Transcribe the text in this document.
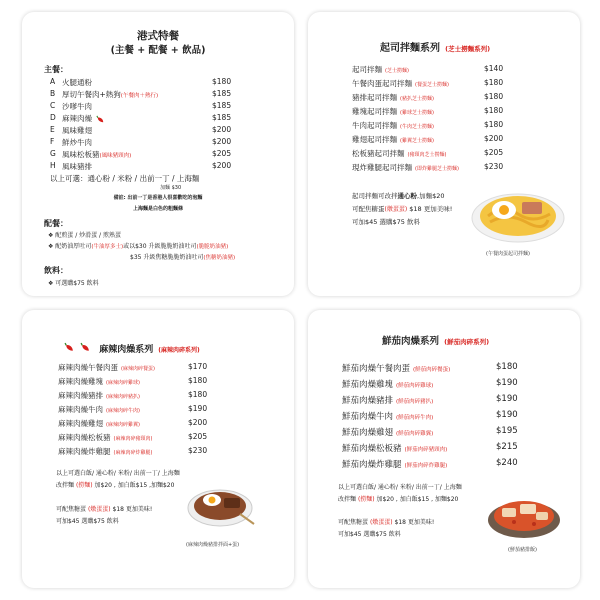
港式特餐
(主餐 + 配餐 + 飲品)
主餐：
A 火腿通粉	$180
B 厚切午餐肉+熱狗(午餐肉＋熱行)	$185
C 沙嗲牛肉	$185
D 麻辣肉燥	$185
E 風味雞翅	$200
F 鮮炒牛肉	$200
G 風味松板豬(風味豬頸肉)	$205
H 風味豬排	$200
以上可選：通心粉 / 米粉 / 出前一丁 / 上海麵
加麵 $30
備註: 出前一丁是香港人很喜歡吃的泡麵
上海麵是白色的粗麵條
配餐：
❖ 配煎蛋 / 炒滑蛋 / 煎熟蛋
❖ 配奶油厚吐司(牛油厚多士)或以$30 升級脆脆奶油吐司(脆脆奶油豬)
$35 升級焦糖脆脆奶油吐司(焦糖奶油豬)
飲料：
❖ 可選購$75 飲料
起司拌麵系列 (芝士撈麵系列)
起司拌麵 (芝士撈麵)	$140
午餐肉蛋起司拌麵 (餐蛋芝士撈麵)	$180
豬排起司拌麵 (豬扒芝士撈麵)	$180
雞塊起司拌麵 (雞球芝士撈麵)	$180
牛肉起司拌麵 (牛肉芝士撈麵)	$180
雞翅起司拌麵 (雞翼芝士撈麵)	$200
松板豬起司拌麵 (豬頸肉芝士撈麵)	$205
現炸雞腿起司拌麵 (即炸雞腿芝士撈麵)	$230
起司拌麵可改拌通心粉,加麵$20
可配焦糖蛋(燉蛋蛋) $18 更加美味!
可加$45 選購$75 飲料
(午餐肉蛋起司拌麵)
麻辣肉燥系列 (麻辣肉碎系列)
麻辣肉燥午餐肉蛋 (麻辣肉碎餐蛋)	$170
麻辣肉燥雞塊 (麻辣肉碎雞球)	$180
麻辣肉燥豬排 (麻辣肉碎豬扒)	$180
麻辣肉燥牛肉 (麻辣肉碎牛肉)	$190
麻辣肉燥雞翅 (麻辣肉碎雞翼)	$200
麻辣肉燥松板豬 (麻辣肉碎豬頸肉)	$205
麻辣肉燥炸雞腿 (麻辣肉碎炸雞腿)	$230
以上可選白飯/ 通心粉/ 米粉/ 出前一丁/ 上海麵
改拌麵 (撈麵) 加$20 , 加白飯$15 ,加麵$20
可配焦糖蛋 (燉蛋蛋) $18 更加美味!
可加$45 選購$75 飲料
(麻辣肉燥豬排拌面+蛋)
鮮茄肉燥系列 (鮮茄肉碎系列)
鮮茄肉燥午餐肉蛋 (鮮茄肉碎餐蛋)	$180
鮮茄肉燥雞塊 (鮮茄肉碎雞球)	$190
鮮茄肉燥豬排 (鮮茄肉碎豬扒)	$190
鮮茄肉燥牛肉 (鮮茄肉碎牛肉)	$190
鮮茄肉燥雞翅 (鮮茄肉碎雞翼)	$195
鮮茄肉燥松板豬 (鮮茄肉碎豬頸肉)	$215
鮮茄肉燥炸雞腿 (鮮茄肉碎炸雞腿)	$240
以上可選白飯/ 通心粉/ 米粉/ 出前一丁/ 上海麵
改拌麵 (撈麵) 加$20 , 加白飯$15 , 加麵$20
可配焦糖蛋 (燉蛋蛋) $18 更加美味!
可加$45 選購$75 飲料
(鮮茄豬排飯)
